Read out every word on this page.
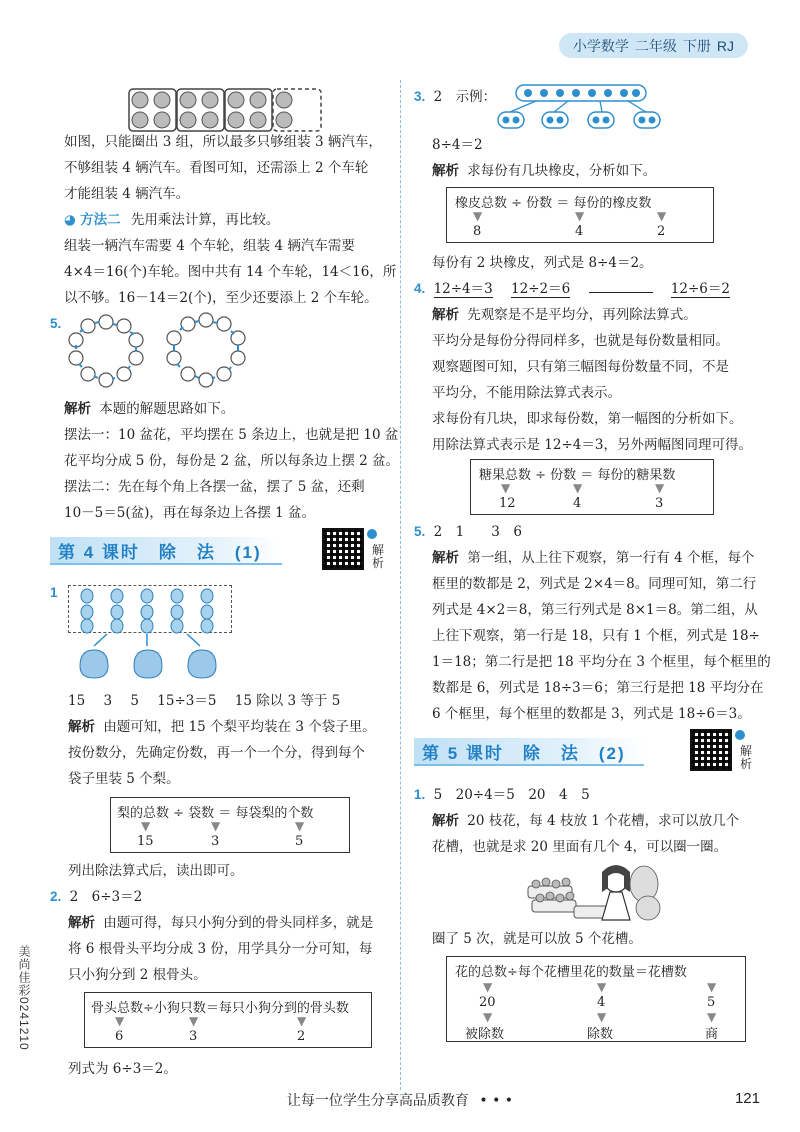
小学数学 二年级 下册 RJ
如图，只能圈出 3 组，所以最多只够组装 3 辆汽车，
不够组装 4 辆汽车。看图可知，还需添上 2 个车轮
才能组装 4 辆汽车。
◕ 方法二 先用乘法计算，再比较。
组装一辆汽车需要 4 个车轮，组装 4 辆汽车需要
4×4＝16(个)车轮。图中共有 14 个车轮，14＜16，所
以不够。16－14＝2(个)，至少还要添上 2 个车轮。
5.
解析 本题的解题思路如下。
摆法一：10 盆花，平均摆在 5 条边上，也就是把 10 盆
花平均分成 5 份，每份是 2 盆，所以每条边上摆 2 盆。
摆法二：先在每个角上各摆一盆，摆了 5 盆，还剩
10－5＝5(盆)，再在每条边上各摆 1 盆。
第 4 课时　除　法　(1)	解析
1
15 3 5 15÷3＝5 15 除以 3 等于 5
解析 由题可知，把 15 个梨平均装在 3 个袋子里。
按份数分，先确定份数，再一个一个分，得到每个
袋子里装 5 个梨。
梨的总数 ÷ 袋数 ＝ 每袋梨的个数
▼	▼	▼
15	3	5
列出除法算式后，读出即可。
2. 2　6÷3＝2
解析 由题可得，每只小狗分到的骨头同样多，就是
将 6 根骨头平均分成 3 份，用学具分一分可知，每
只小狗分到 2 根骨头。
骨头总数÷小狗只数＝每只小狗分到的骨头数
▼	▼	▼
6	3	2
列式为 6÷3＝2。
3. 2　示例：
8÷4＝2
解析 求每份有几块橡皮，分析如下。
橡皮总数 ÷ 份数 ＝ 每份的橡皮数
▼	▼	▼
8	4	2
每份有 2 块橡皮，列式是 8÷4＝2。
4. 12÷4＝3 12÷2＝6	12÷6＝2
解析 先观察是不是平均分，再列除法算式。
平均分是每份分得同样多，也就是每份数量相同。
观察题图可知，只有第三幅图每份数量不同，不是
平均分，不能用除法算式表示。
求每份有几块，即求每份数，第一幅图的分析如下。
用除法算式表示是 12÷4＝3，另外两幅图同理可得。
糖果总数 ÷ 份数 ＝ 每份的糖果数
▼	▼	▼
12	4	3
5. 2　1　　3　6
解析 第一组，从上往下观察，第一行有 4 个框，每个
框里的数都是 2，列式是 2×4＝8。同理可知，第二行
列式是 4×2＝8，第三行列式是 8×1＝8。第二组，从
上往下观察，第一行是 18，只有 1 个框，列式是 18÷
1＝18；第二行是把 18 平均分在 3 个框里，每个框里的
数都是 6，列式是 18÷3＝6；第三行是把 18 平均分在
6 个框里，每个框里的数都是 3，列式是 18÷6＝3。
第 5 课时　除　法　(2)	解析
1. 5　20÷4＝5　20　4　5
解析 20 枝花，每 4 枝放 1 个花槽，求可以放几个
花槽，也就是求 20 里面有几个 4，可以圈一圈。
圈了 5 次，就是可以放 5 个花槽。
花的总数÷每个花槽里花的数量＝花槽数
▼	▼	▼
20	4	5
▼	▼	▼
被除数	除数	商
让每一位学生分享高品质教育 • • •	121
美尚佳彩0241210
